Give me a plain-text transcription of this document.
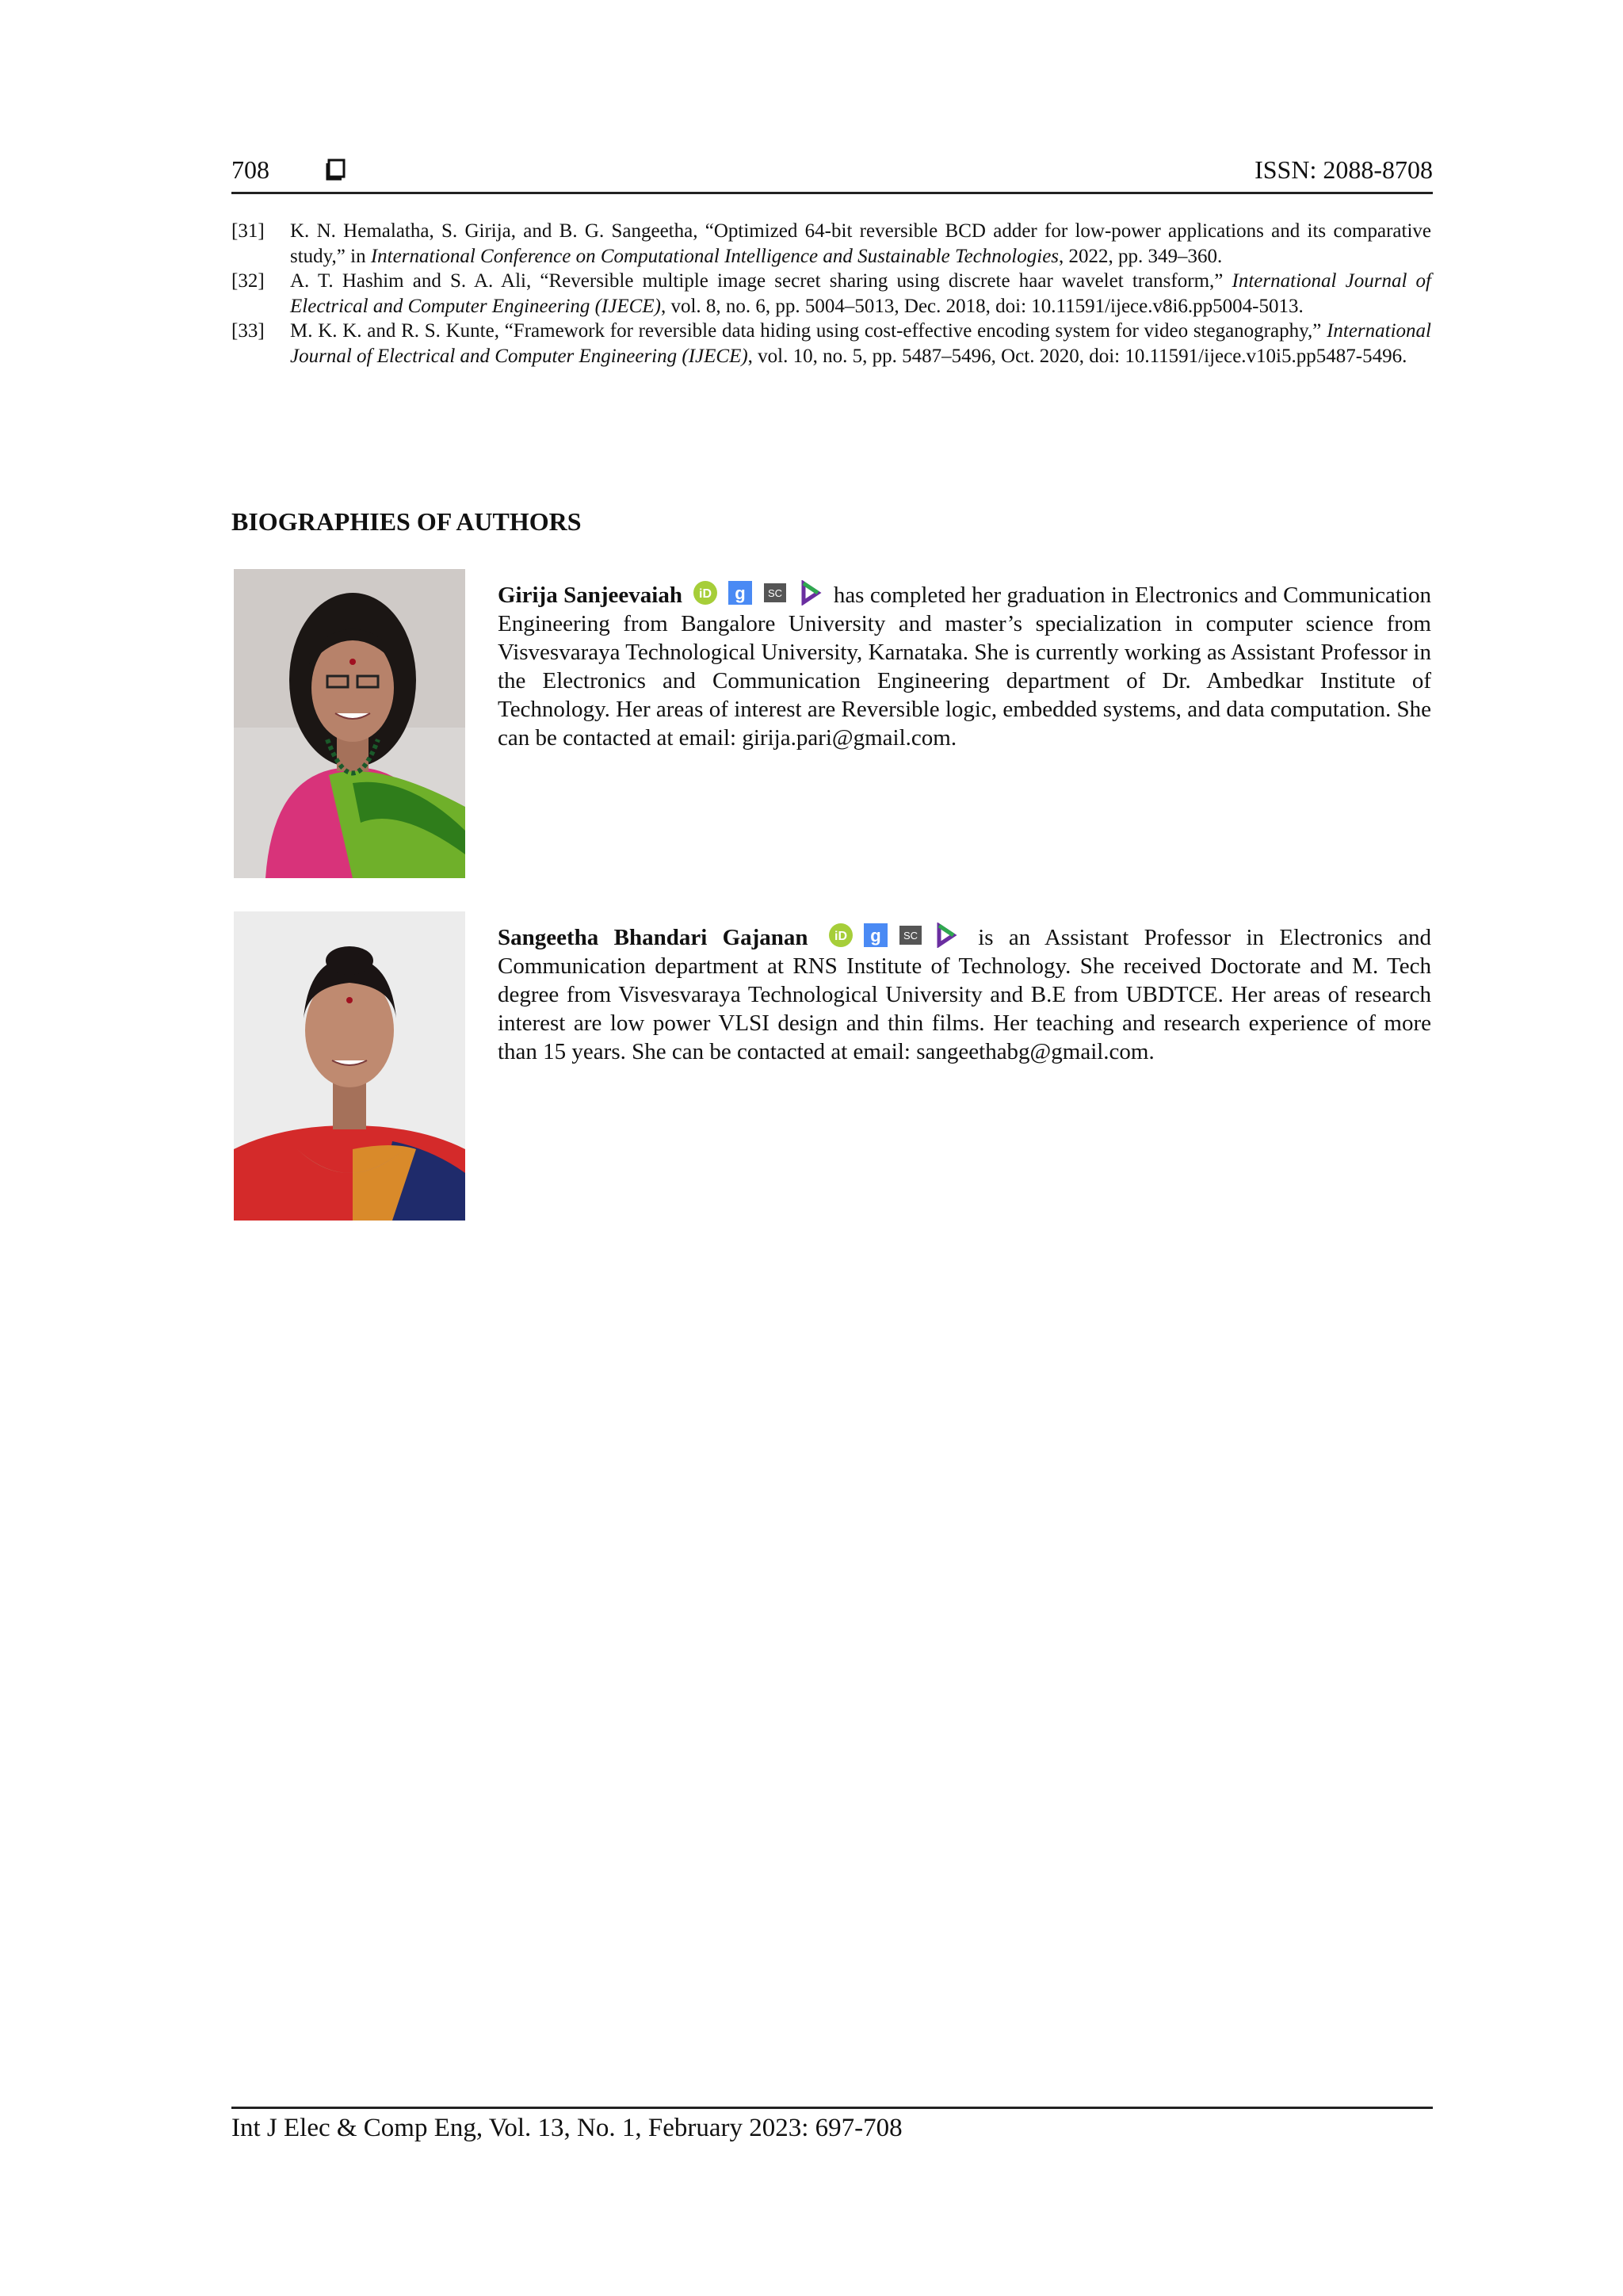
708	ISSN: 2088-8708
[31] K. N. Hemalatha, S. Girija, and B. G. Sangeetha, “Optimized 64-bit reversible BCD adder for low-power applications and its comparative study,” in International Conference on Computational Intelligence and Sustainable Technologies, 2022, pp. 349–360.
[32] A. T. Hashim and S. A. Ali, “Reversible multiple image secret sharing using discrete haar wavelet transform,” International Journal of Electrical and Computer Engineering (IJECE), vol. 8, no. 6, pp. 5004–5013, Dec. 2018, doi: 10.11591/ijece.v8i6.pp5004-5013.
[33] M. K. K. and R. S. Kunte, “Framework for reversible data hiding using cost-effective encoding system for video steganography,” International Journal of Electrical and Computer Engineering (IJECE), vol. 10, no. 5, pp. 5487–5496, Oct. 2020, doi: 10.11591/ijece.v10i5.pp5487-5496.
BIOGRAPHIES OF AUTHORS
Girija Sanjeevaiah iD g SC has completed her graduation in Electronics and Communication Engineering from Bangalore University and master’s specialization in computer science from Visvesvaraya Technological University, Karnataka. She is currently working as Assistant Professor in the Electronics and Communication Engineering department of Dr. Ambedkar Institute of Technology. Her areas of interest are Reversible logic, embedded systems, and data computation. She can be contacted at email: girija.pari@gmail.com.
Sangeetha Bhandari Gajanan iD g SC	is an Assistant Professor in Electronics and Communication department at RNS Institute of Technology. She received Doctorate and M. Tech degree from Visvesvaraya Technological University and B.E from UBDTCE. Her areas of research interest are low power VLSI design and thin films. Her teaching and research experience of more than 15 years. She can be contacted at email: sangeethabg@gmail.com.
Int J Elec & Comp Eng, Vol. 13, No. 1, February 2023: 697-708
